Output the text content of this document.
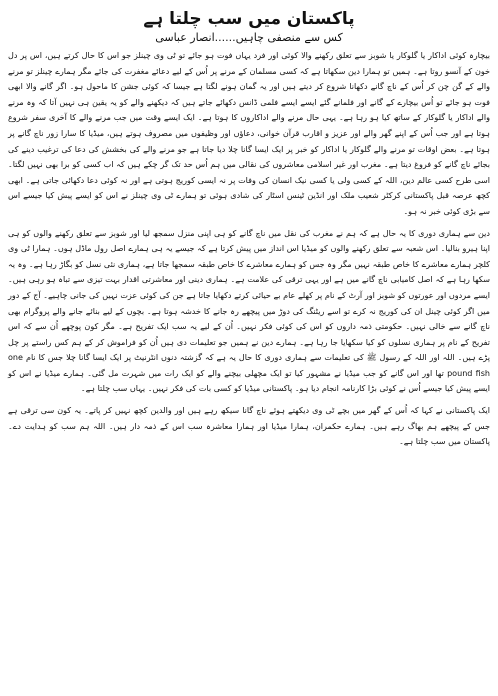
پاکستان میں سب چلتا ہے
کس سے منصفی چاہیں......انصار عباسی

بیچارہ کوئی اداکار یا گلوکار یا شوبز سے تعلق رکھنے والا کوئی اور فرد یہاں فوت ہو جائے تو ٹی وی چینلز جو اس کا حال کرتے ہیں، اس پر دل خون کے آنسو روتا ہے۔ ہمیں تو ہمارا دین سکھاتا ہے کہ کسی مسلمان کے مرنے پر اُس کے لیے دعائے مغفرت کی جائے مگر ہمارے چینلز تو مرنے والے کے گن چن کر اُس کے ناچ گانے دکھانا شروع کر دیتے ہیں اور یہ گمان ہونے لگتا ہے جیسا کہ کوئی جشن کا ماحول ہو۔ اگر گانے والا ابھی فوت ہو جائے تو اُس بیچارے کے گانے اور فلمانے گئے ایسے ایسے فلمی ڈانس دکھائے جاتے ہیں کہ دیکھنے والے کو یہ یقین ہی نہیں آتا کہ وہ مرنے والے اداکار یا گلوکار کے ساتھ کیا ہو رہا ہے۔ یہی حال مرنے والے اداکاروں کا ہوتا ہے۔ ایک ایسے وقت میں جب مرنے والے کا آخری سفر شروع ہوتا ہے اور جب اُس کے اپنے گھر والے اور عزیز و اقارب قرآن خوانی، دعاؤں اور وظیفوں میں مصروف ہوتے ہیں، میڈیا کا سارا زور ناچ گانے پر ہوتا ہے۔ بعض اوقات تو مرنے والے گلوکار یا اداکار کو خبر پر ایک ایسا گانا چلا دیا جاتا ہے جو مرنے والے کی بخشش کی دعا کی ترغیب دینے کی بجائے ناچ گانے کو فروغ دیتا ہے۔ مغرب اور غیر اسلامی معاشروں کی نقالی میں ہم اُس حد تک گر چکے ہیں کہ اب کسی کو برا بھی نہیں لگتا۔ اسی طرح کسی عالم دین، اللہ کے کسی ولی یا کسی نیک انسان کی وفات پر نہ ایسی کوریج ہوتی ہے اور نہ کوئی دعا دکھائی جاتی ہے۔ ابھی کچھ عرصہ قبل پاکستانی کرکٹر شعیب ملک اور انڈین ٹینس اسٹار کی شادی ہوئی تو ہمارے ٹی وی چینلز نے اس کو ایسے پیش کیا جیسے اس سے بڑی کوئی خبر نہ ہو۔

دین سے ہماری دوری کا یہ حال ہے کہ ہم نے مغرب کی نقل میں ناچ گانے کو ہی اپنی منزل سمجھ لیا اور شوبز سے تعلق رکھنے والوں کو ہی اپنا ہیرو بنالیا۔ اس شعبہ سے تعلق رکھنے والوں کو میڈیا اس انداز میں پیش کرتا ہے کہ جیسے یہ ہی ہمارے اصل رول ماڈل ہوں۔ ہمارا ٹی وی کلچر ہمارے معاشرے کا خاص طبقہ نہیں مگر وہ جس کو ہمارے معاشرے کا خاص طبقہ سمجھا جاتا ہے، ہماری نئی نسل کو بگاڑ رہا ہے۔ وہ یہ سکھا رہا ہے کہ اصل کامیابی ناچ گانے میں ہے اور یہی ترقی کی علامت ہے۔ ہماری دینی اور معاشرتی اقدار بہت تیزی سے تباہ ہو رہی ہیں۔ ایسے مردوں اور عورتوں کو شوبز اور آرٹ کے نام پر کھلے عام بے حیائی کرتے دکھایا جاتا ہے جن کی کوئی عزت نہیں کی جانی چاہیے۔ آج کے دور میں اگر کوئی چینل ان کی کوریج نہ کرے تو اسے ریٹنگ کی دوڑ میں پیچھے رہ جانے کا خدشہ ہوتا ہے۔ بچوں کے لیے بنائے جانے والے پروگرام بھی ناچ گانے سے خالی نہیں۔ حکومتی ذمہ داروں کو اس کی کوئی فکر نہیں۔ اُن کے لیے یہ سب ایک تفریح ہے۔ مگر کون پوچھے اُن سے کہ اس تفریح کے نام پر ہماری نسلوں کو کیا سکھایا جا رہا ہے۔ ہمارے دین نے ہمیں جو تعلیمات دی ہیں اُن کو فراموش کر کے ہم کس راستے پر چل پڑے ہیں۔ اللہ اور اللہ کے رسول ﷺ کی تعلیمات سے ہماری دوری کا حال یہ ہے کہ گزشتہ دنوں انٹرنیٹ پر ایک ایسا گانا چلا جس کا نام one pound fish تھا اور اس گانے کو جب میڈیا نے مشہور کیا تو ایک مچھلی بیچنے والے کو ایک رات میں شہرت مل گئی۔ ہمارے میڈیا نے اس کو ایسے پیش کیا جیسے اُس نے کوئی بڑا کارنامہ انجام دیا ہو۔ پاکستانی میڈیا کو کسی بات کی فکر نہیں۔ یہاں سب چلتا ہے۔

ایک پاکستانی نے کہا کہ اُس کے گھر میں بچے ٹی وی دیکھتے ہوئے ناچ گانا سیکھ رہے ہیں اور والدین کچھ نہیں کر پاتے۔ یہ کون سی ترقی ہے جس کے پیچھے ہم بھاگ رہے ہیں۔ ہمارے حکمران، ہمارا میڈیا اور ہمارا معاشرہ سب اس کے ذمہ دار ہیں۔ اللہ ہم سب کو ہدایت دے۔ پاکستان میں سب چلتا ہے۔
